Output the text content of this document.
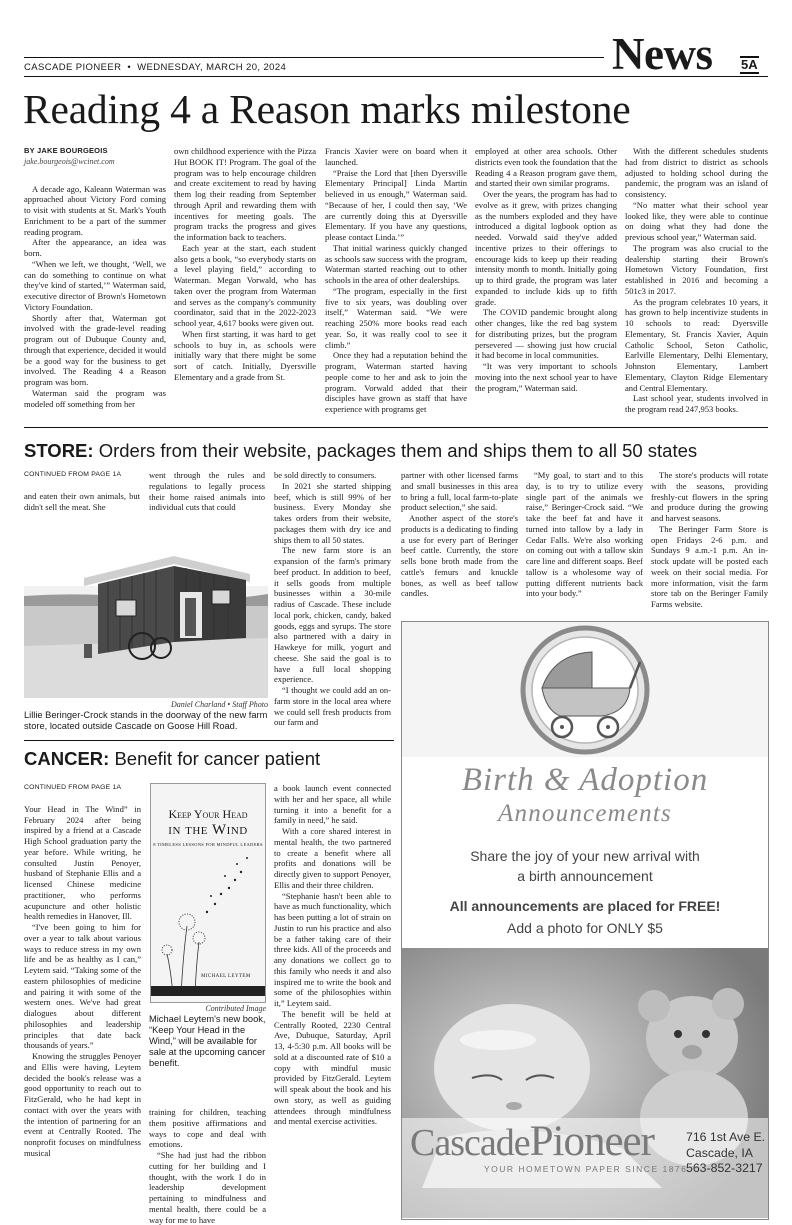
CASCADE PIONEER • WEDNESDAY, MARCH 20, 2024	News 5A
Reading 4 a Reason marks milestone
BY JAKE BOURGEOIS
jake.bourgeois@wcinet.com

A decade ago, Kaleann Waterman was approached about Victory Ford coming to visit with students at St. Mark's Youth Enrichment to be a part of the summer reading program.

After the appearance, an idea was born.

“When we left, we thought, ‘Well, we can do something to continue on what they've kind of started,’” Waterman said, executive director of Brown's Hometown Victory Foundation.

Shortly after that, Waterman got involved with the grade-level reading program out of Dubuque County and, through that experience, decided it would be a good way for the business to get involved. The Reading 4 a Reason program was born.

Waterman said the program was modeled off something from her

own childhood experience with the Pizza Hut BOOK IT! Program. The goal of the program was to help encourage children and create excitement to read by having them log their reading from September through April and rewarding them with incentives for meeting goals. The program tracks the progress and gives the information back to teachers.

Each year at the start, each student also gets a book, “so everybody starts on a level playing field,” according to Waterman. Megan Vorwald, who has taken over the program from Waterman and serves as the company's community coordinator, said that in the 2022-2023 school year, 4,617 books were given out.

When first starting, it was hard to get schools to buy in, as schools were initially wary that there might be some sort of catch. Initially, Dyersville Elementary and a grade from St.

Francis Xavier were on board when it launched.

“Praise the Lord that [then Dyersville Elementary Principal] Linda Martin believed in us enough,” Waterman said. “Because of her, I could then say, ‘We are currently doing this at Dyersville Elementary. If you have any questions, please contact Linda.’”

That initial wariness quickly changed as schools saw success with the program, Waterman started reaching out to other schools in the area of other dealerships.

“The program, especially in the first five to six years, was doubling over itself,” Waterman said. “We were reaching 250% more books read each year. So, it was really cool to see it climb.”

Once they had a reputation behind the program, Waterman started having people come to her and ask to join the program. Vorwald added that their disciples have grown as staff that have experience with programs get

employed at other area schools. Other districts even took the foundation that the Reading 4 a Reason program gave them, and started their own similar programs.

Over the years, the program has had to evolve as it grew, with prizes changing as the numbers exploded and they have introduced a digital logbook option as needed. Vorwald said they've added incentive prizes to their offerings to encourage kids to keep up their reading intensity month to month. Initially going up to third grade, the program was later expanded to include kids up to fifth grade.

The COVID pandemic brought along other changes, like the red bag system for distributing prizes, but the program persevered — showing just how crucial it had become in local communities.

“It was very important to schools moving into the next school year to have the program,” Waterman said.

With the different schedules students had from district to district as schools adjusted to holding school during the pandemic, the program was an island of consistency.

“No matter what their school year looked like, they were able to continue on doing what they had done the previous school year,” Waterman said.

The program was also crucial to the dealership starting their Brown's Hometown Victory Foundation, first established in 2016 and becoming a 501c3 in 2017.

As the program celebrates 10 years, it has grown to help incentivize students in 10 schools to read: Dyersville Elementary, St. Francis Xavier, Aquin Catholic School, Seton Catholic, Earlville Elementary, Delhi Elementary, Johnston Elementary, Lambert Elementary, Clayton Ridge Elementary and Central Elementary.

Last school year, students involved in the program read 247,953 books.

STORE: Orders from their website, packages them and ships them to all 50 states
CONTINUED FROM PAGE 1A

and eaten their own animals, but didn't sell the meat. She

went through the rules and regulations to legally process their home raised animals into individual cuts that could

be sold directly to consumers.

In 2021 she started shipping beef, which is still 99% of her business. Every Monday she takes orders from their website, packages them with dry ice and ships them to all 50 states.

The new farm store is an expansion of the farm's primary beef product. In addition to beef, it sells goods from multiple businesses within a 30-mile radius of Cascade. These include local pork, chicken, candy, baked goods, eggs and syrups. The store also partnered with a dairy in Hawkeye for milk, yogurt and cheese. She said the goal is to have a full local shopping experience.

“I thought we could add an on-farm store in the local area where we could sell fresh products from our farm and

partner with other licensed farms and small businesses in this area to bring a full, local farm-to-plate product selection,” she said.

Another aspect of the store's products is a dedicating to finding a use for every part of Beringer beef cattle. Currently, the store sells bone broth made from the cattle's femurs and knuckle bones, as well as beef tallow candles.

“My goal, to start and to this day, is to try to utilize every single part of the animals we raise,” Beringer-Crock said. “We take the beef fat and have it turned into tallow by a lady in Cedar Falls. We're also working on coming out with a tallow skin care line and different soaps. Beef tallow is a wholesome way of putting different nutrients back into your body.”

The store's products will rotate with the seasons, providing freshly-cut flowers in the spring and produce during the growing and harvest seasons.

The Beringer Farm Store is open Fridays 2-6 p.m. and Sundays 9 a.m.-1 p.m. An in-stock update will be posted each week on their social media. For more information, visit the farm store tab on the Beringer Family Farms website.

Daniel Charland • Staff Photo
Lillie Beringer-Crock stands in the doorway of the new farm store, located outside Cascade on Goose Hill Road.
CANCER: Benefit for cancer patient
CONTINUED FROM PAGE 1A

Your Head in The Wind” in February 2024 after being inspired by a friend at a Cascade High School graduation party the year before. While writing, he consulted Justin Penoyer, husband of Stephanie Ellis and a licensed Chinese medicine practitioner, who performs acupuncture and other holistic health remedies in Hanover, Ill.

“I've been going to him for over a year to talk about various ways to reduce stress in my own life and be as healthy as I can,” Leytem said. “Taking some of the eastern philosophies of medicine and pairing it with some of the western ones. We've had great dialogues about different philosophies and leadership principles that date back thousands of years.”

Knowing the struggles Penoyer and Ellis were having, Leytem decided the book's release was a good opportunity to reach out to FitzGerald, who he had kept in contact with over the years with the intention of partnering for an event at Centrally Rooted. The nonprofit focuses on mindfulness musical

training for children, teaching them positive affirmations and ways to cope and deal with emotions.

“She had just had the ribbon cutting for her building and I thought, with the work I do in leadership development pertaining to mindfulness and mental health, there could be a way for me to have

a book launch event connected with her and her space, all while turning it into a benefit for a family in need,” he said.

With a core shared interest in mental health, the two partnered to create a benefit where all profits and donations will be directly given to support Penoyer, Ellis and their three children.

“Stephanie hasn't been able to have as much functionality, which has been putting a lot of strain on Justin to run his practice and also be a father taking care of their three kids. All of the proceeds and any donations we collect go to this family who needs it and also inspired me to write the book and some of the philosophies within it,” Leytem said.

The benefit will be held at Centrally Rooted, 2230 Central Ave, Dubuque, Saturday, April 13, 4-5:30 p.m. All books will be sold at a discounted rate of $10 a copy with mindful music provided by FitzGerald. Leytem will speak about the book and his own story, as well as guiding attendees through mindfulness and mental exercise activities.

Keep Your Head
in the Wind
8 TIMELESS LESSONS FOR MINDFUL LEADERS
MICHAEL LEYTEM
Contributed Image
Michael Leytem's new book, “Keep Your Head in the Wind,” will be available for sale at the upcoming cancer benefit.
Birth & Adoption
Announcements
Share the joy of your new arrival with
a birth announcement
All announcements are placed for FREE!
Add a photo for ONLY $5
CascadePioneer
YOUR HOMETOWN PAPER SINCE 1876
716 1st Ave E.
Cascade, IA
563-852-3217
